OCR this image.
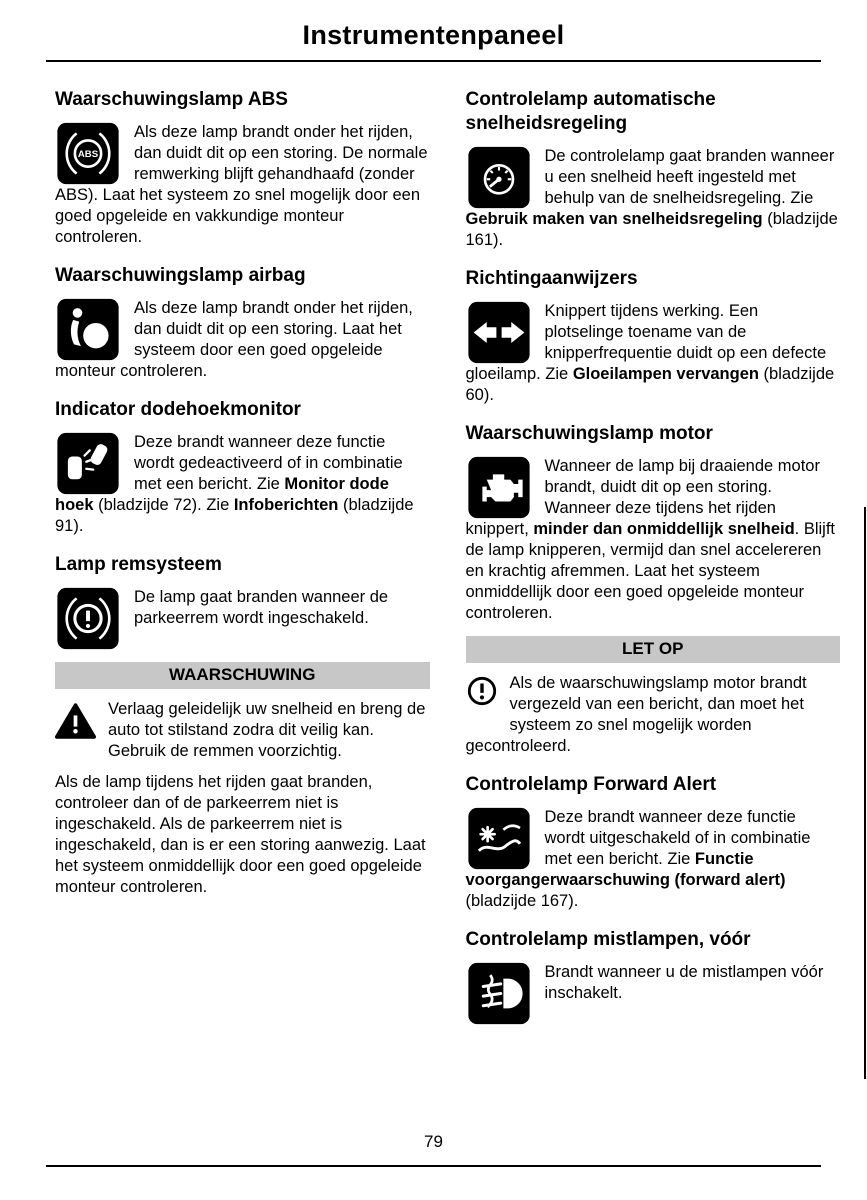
Instrumentenpaneel
Waarschuwingslamp ABS

ABS
Als deze lamp brandt onder het rijden, dan duidt dit op een storing. De normale remwerking blijft gehandhaafd (zonder ABS). Laat het systeem zo snel mogelijk door een goed opgeleide en vakkundige monteur controleren.

Waarschuwingslamp airbag

Als deze lamp brandt onder het rijden, dan duidt dit op een storing. Laat het systeem door een goed opgeleide monteur controleren.

Indicator dodehoekmonitor

Deze brandt wanneer deze functie wordt gedeactiveerd of in combinatie met een bericht. Zie Monitor dode hoek (bladzijde 72). Zie Infoberichten (bladzijde 91).

Lamp remsysteem

De lamp gaat branden wanneer de parkeerrem wordt ingeschakeld.

WAARSCHUWING

Verlaag geleidelijk uw snelheid en breng de auto tot stilstand zodra dit veilig kan. Gebruik de remmen voorzichtig.

Als de lamp tijdens het rijden gaat branden, controleer dan of de parkeerrem niet is ingeschakeld. Als de parkeerrem niet is ingeschakeld, dan is er een storing aanwezig. Laat het systeem onmiddellijk door een goed opgeleide monteur controleren.

Controlelamp automatische snelheidsregeling

De controlelamp gaat branden wanneer u een snelheid heeft ingesteld met behulp van de snelheidsregeling. Zie Gebruik maken van snelheidsregeling (bladzijde 161).

Richtingaanwijzers

Knippert tijdens werking. Een plotselinge toename van de knipperfrequentie duidt op een defecte gloeilamp. Zie Gloeilampen vervangen (bladzijde 60).

Waarschuwingslamp motor

Wanneer de lamp bij draaiende motor brandt, duidt dit op een storing. Wanneer deze tijdens het rijden knippert, minder dan onmiddellijk snelheid. Blijft de lamp knipperen, vermijd dan snel accelereren en krachtig afremmen. Laat het systeem onmiddellijk door een goed opgeleide monteur controleren.

LET OP

Als de waarschuwingslamp motor brandt vergezeld van een bericht, dan moet het systeem zo snel mogelijk worden gecontroleerd.

Controlelamp Forward Alert

Deze brandt wanneer deze functie wordt uitgeschakeld of in combinatie met een bericht. Zie Functie voorgangerwaarschuwing (forward alert) (bladzijde 167).

Controlelamp mistlampen, vóór

Brandt wanneer u de mistlampen vóór inschakelt.

79
